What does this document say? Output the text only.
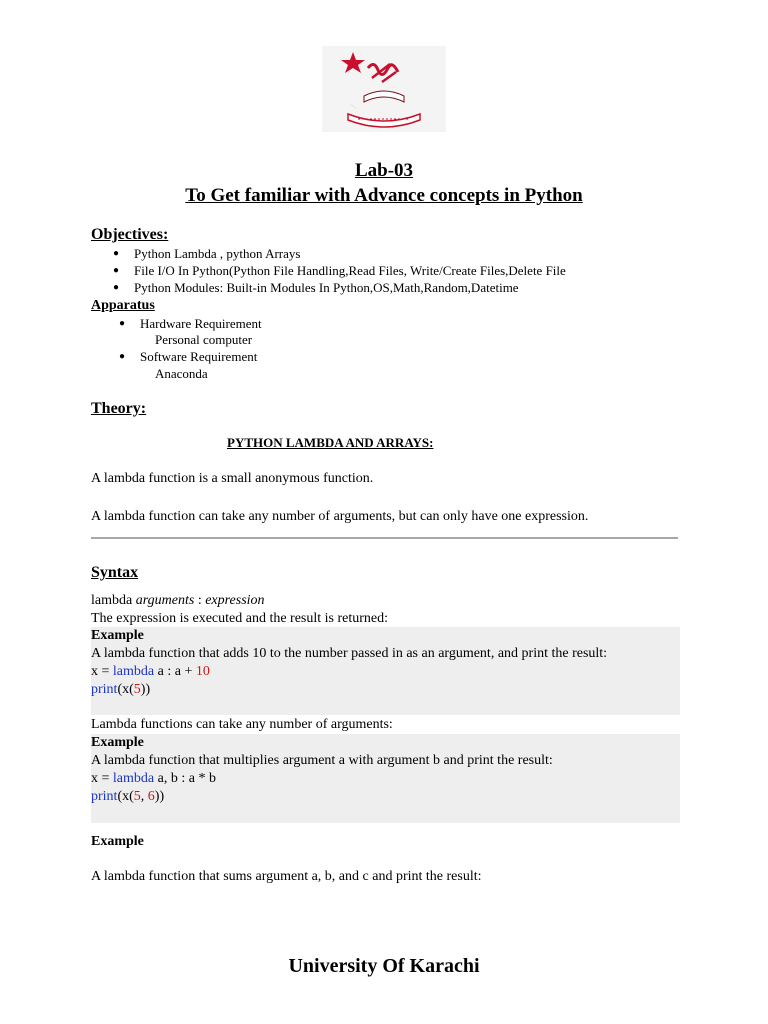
Lab-03
To Get familiar with Advance concepts in Python
Objectives:
● Python Lambda , python Arrays
● File I/O In Python(Python File Handling,Read Files, Write/Create Files,Delete File
● Python Modules: Built-in Modules In Python,OS,Math,Random,Datetime
Apparatus
● Hardware Requirement
Personal computer
● Software Requirement
Anaconda
Theory:
PYTHON LAMBDA AND ARRAYS:
A lambda function is a small anonymous function.
A lambda function can take any number of arguments, but can only have one expression.
Syntax
lambda arguments : expression
The expression is executed and the result is returned:
Example
A lambda function that adds 10 to the number passed in as an argument, and print the result:
x = lambda a : a + 10
print(x(5))
Lambda functions can take any number of arguments:
Example
A lambda function that multiplies argument a with argument b and print the result:
x = lambda a, b : a * b
print(x(5, 6))
Example
A lambda function that sums argument a, b, and c and print the result:
University Of Karachi
